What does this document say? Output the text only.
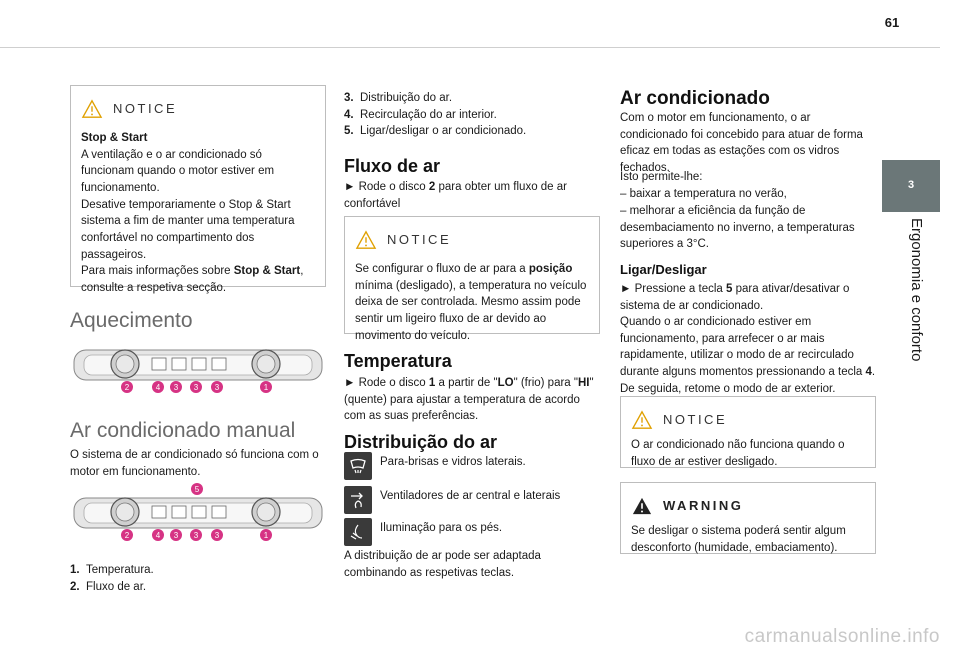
61
3
Ergonomia e conforto
NOTICE

Stop & Start

A ventilação e o ar condicionado só funcionam quando o motor estiver em funcionamento.

Desative temporariamente o Stop & Start sistema a fim de manter uma temperatura confortável no compartimento dos passageiros.

Para mais informações sobre Stop & Start, consulte a respetiva secção.

Aquecimento
2	4 3 3 3	1
Ar condicionado manual
O sistema de ar condicionado só funciona com o motor em funcionamento.
5
2	4 3 3 3	1
1. Temperatura.
2. Fluxo de ar.
3. Distribuição do ar.
4. Recirculação do ar interior.
5. Ligar/desligar o ar condicionado.
Fluxo de ar
► Rode o disco 2 para obter um fluxo de ar confortável
NOTICE

Se configurar o fluxo de ar para a posição mínima (desligado), a temperatura no veículo deixa de ser controlada. Mesmo assim pode sentir um ligeiro fluxo de ar devido ao movimento do veículo.

Temperatura
► Rode o disco 1 a partir de "LO" (frio) para "HI" (quente) para ajustar a temperatura de acordo com as suas preferências.
Distribuição do ar
Para-brisas e vidros laterais.
Ventiladores de ar central e laterais
Iluminação para os pés.
A distribuição de ar pode ser adaptada combinando as respetivas teclas.
Ar condicionado
Com o motor em funcionamento, o ar condicionado foi concebido para atuar de forma eficaz em todas as estações com os vidros fechados.
Isto permite-lhe:
– baixar a temperatura no verão,
– melhorar a eficiência da função de desembaciamento no inverno, a temperaturas superiores a 3°C.
Ligar/Desligar
► Pressione a tecla 5 para ativar/desativar o sistema de ar condicionado.
Quando o ar condicionado estiver em funcionamento, para arrefecer o ar mais rapidamente, utilizar o modo de ar recirculado durante alguns momentos pressionando a tecla 4. De seguida, retome o modo de ar exterior.
NOTICE

O ar condicionado não funciona quando o fluxo de ar estiver desligado.

WARNING

Se desligar o sistema poderá sentir algum desconforto (humidade, embaciamento).

carmanualsonline.info
